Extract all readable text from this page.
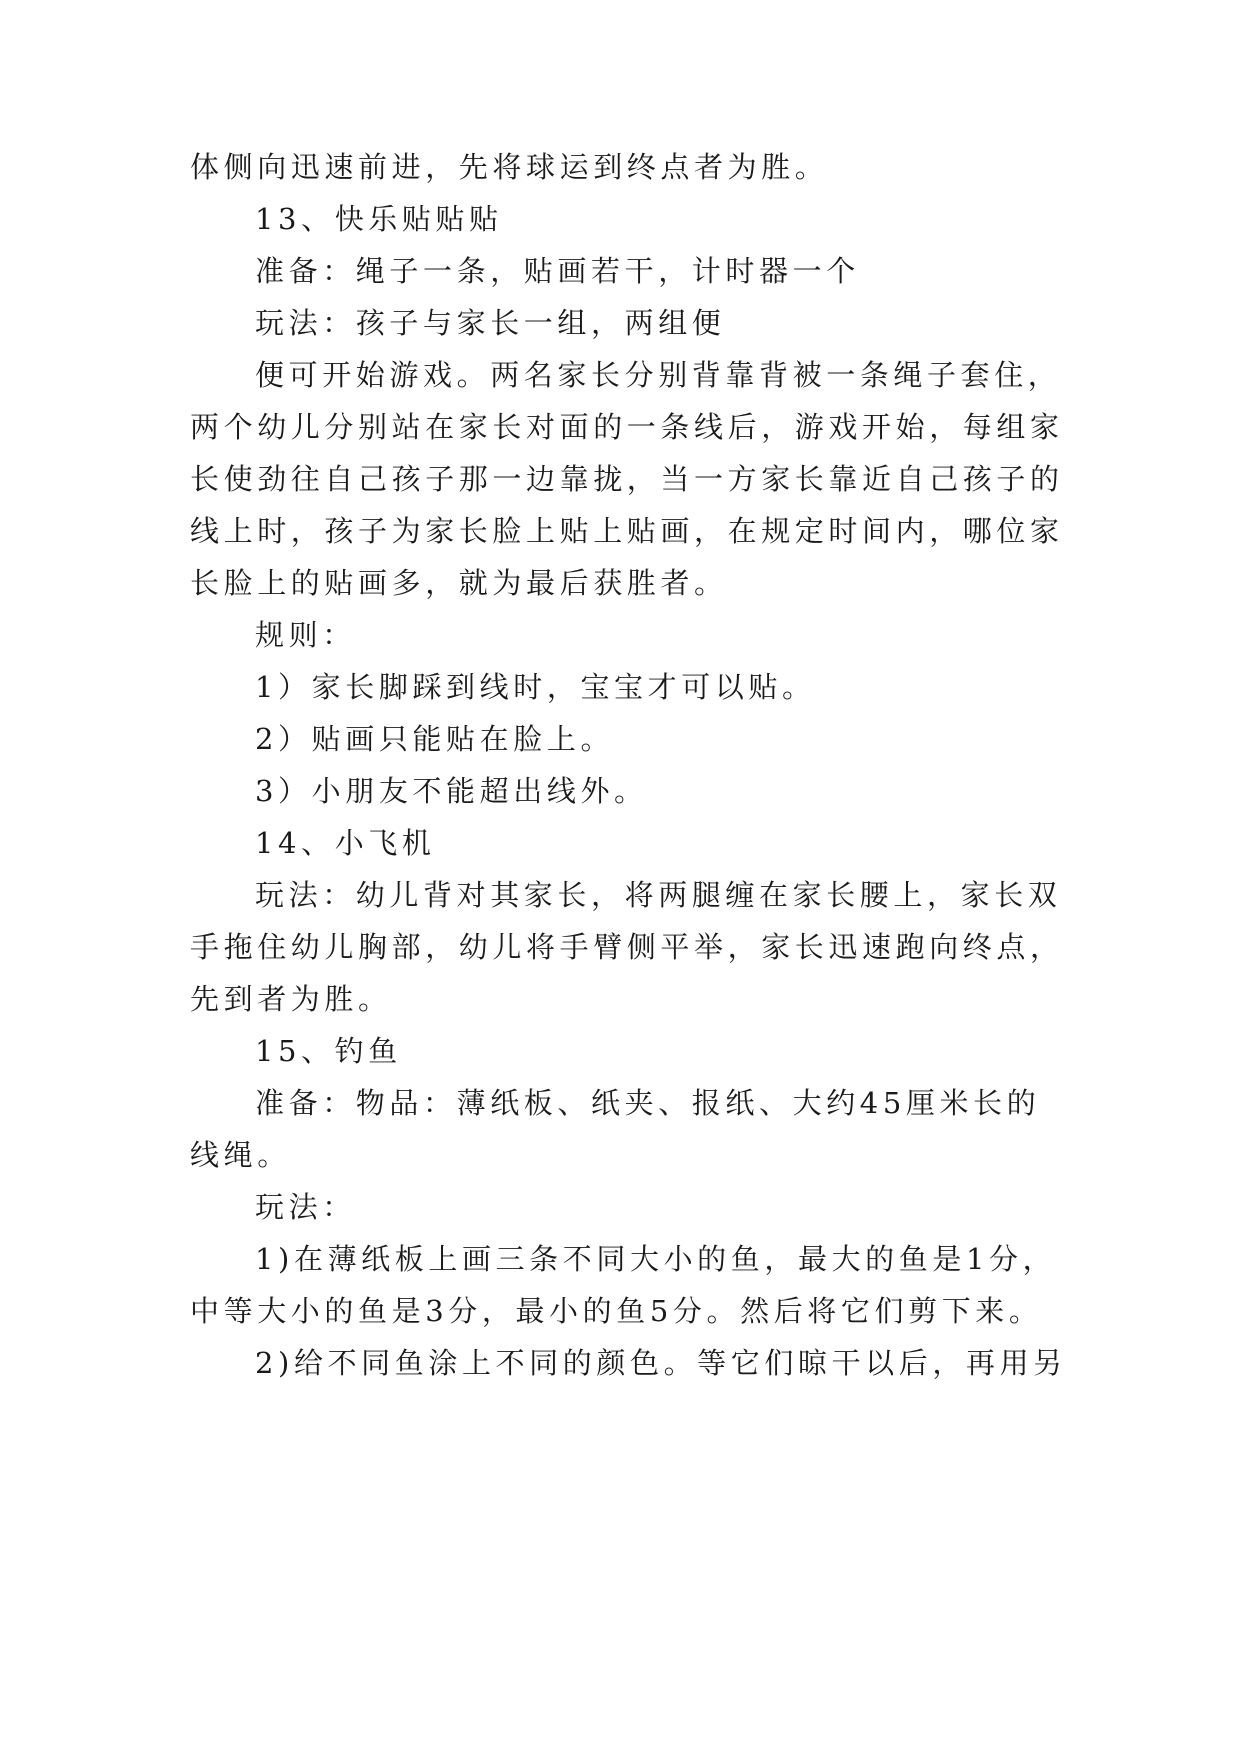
体侧向迅速前进，先将球运到终点者为胜。
13、快乐贴贴贴
准备：绳子一条，贴画若干，计时器一个
玩法：孩子与家长一组，两组便
便可开始游戏。两名家长分别背靠背被一条绳子套住，
两个幼儿分别站在家长对面的一条线后，游戏开始，每组家
长使劲往自己孩子那一边靠拢，当一方家长靠近自己孩子的
线上时，孩子为家长脸上贴上贴画，在规定时间内，哪位家
长脸上的贴画多，就为最后获胜者。
规则：
1）家长脚踩到线时，宝宝才可以贴。
2）贴画只能贴在脸上。
3）小朋友不能超出线外。
14、小飞机
玩法：幼儿背对其家长，将两腿缠在家长腰上，家长双
手拖住幼儿胸部，幼儿将手臂侧平举，家长迅速跑向终点，
先到者为胜。
15、钓鱼
准备：物品：薄纸板、纸夹、报纸、大约45厘米长的
线绳。
玩法：
1)在薄纸板上画三条不同大小的鱼，最大的鱼是1分，
中等大小的鱼是3分，最小的鱼5分。然后将它们剪下来。
2)给不同鱼涂上不同的颜色。等它们晾干以后，再用另
